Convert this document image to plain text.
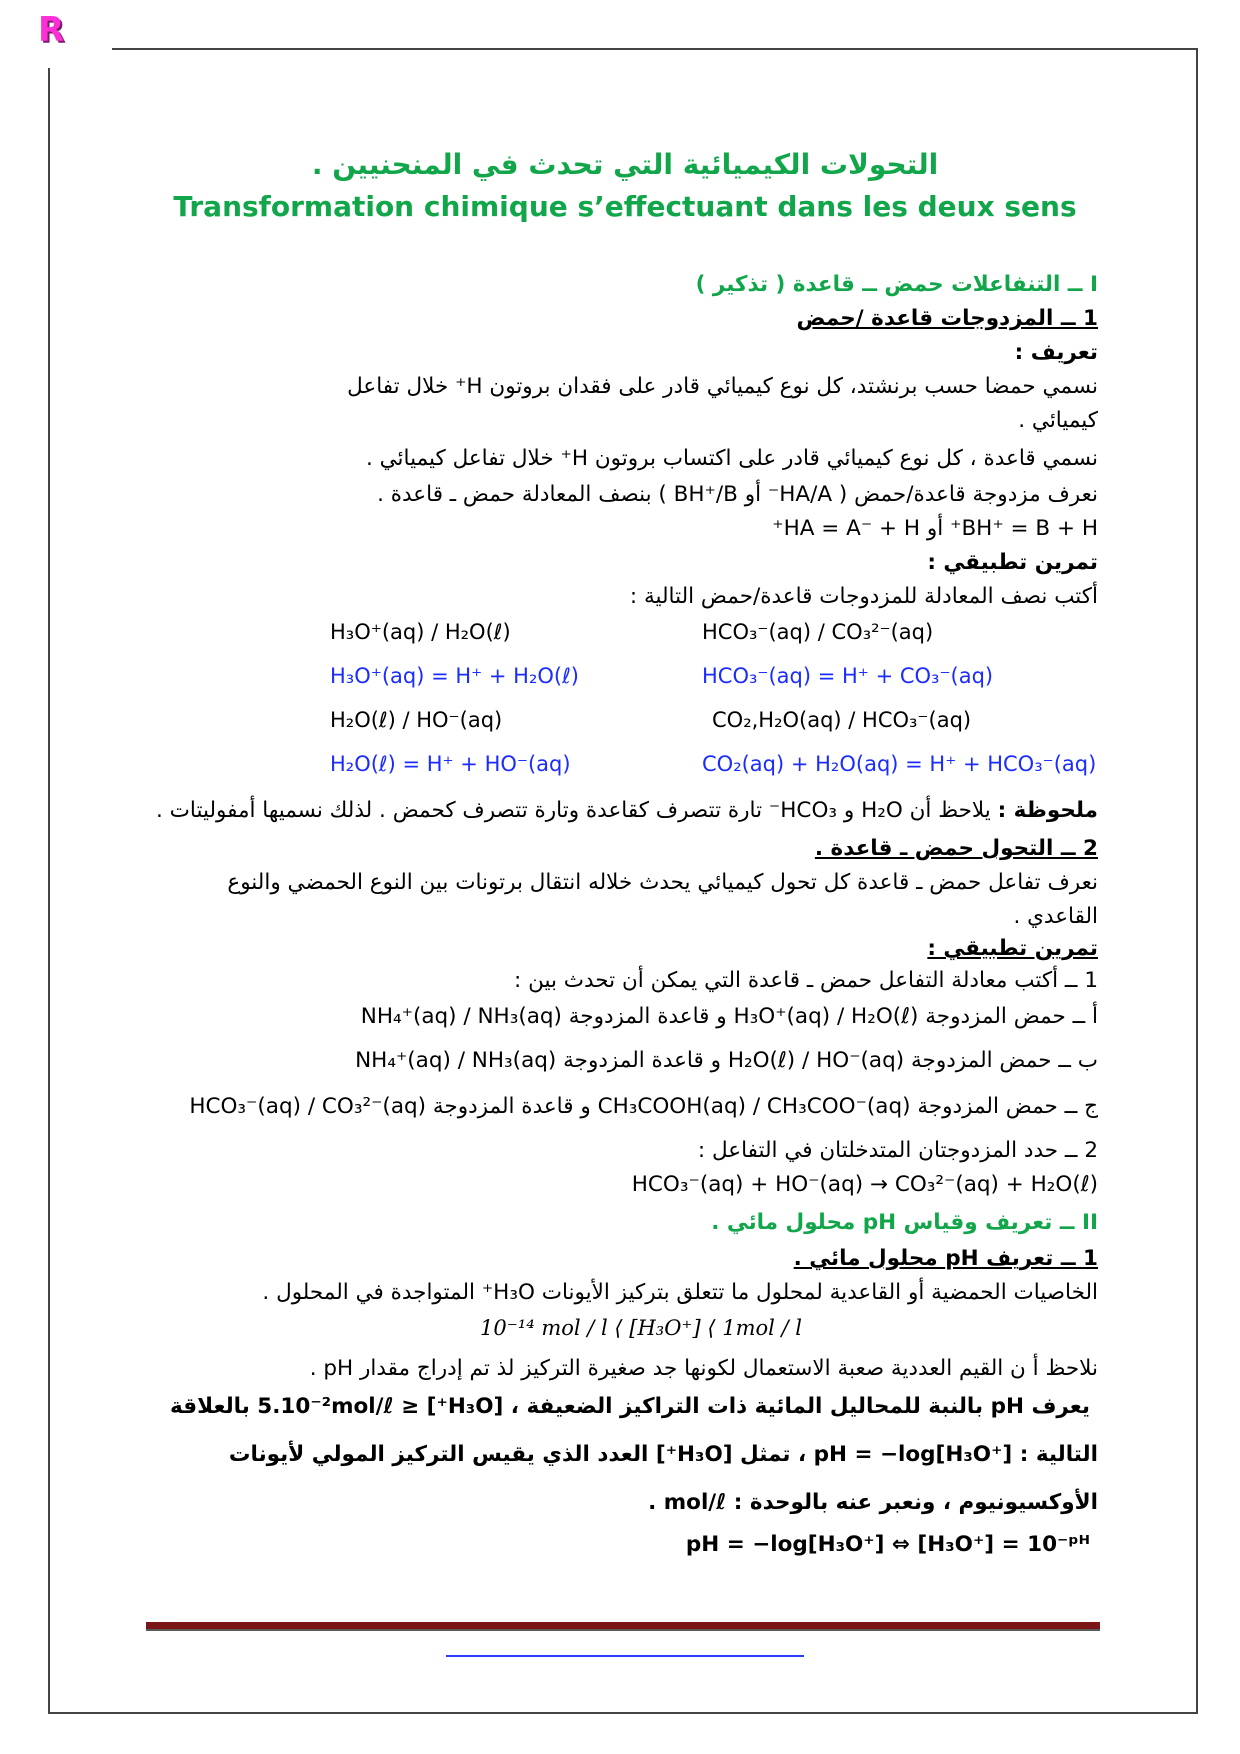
R
التحولات الكيميائية التي تحدث في المنحنيين .
Transformation chimique s’effectuant dans les deux sens
I ــ التنفاعلات حمض ــ قاعدة ( تذكير )
1 ــ المزدوجات قاعدة /حمض
تعريف :
نسمي حمضا حسب برنشتد، كل نوع كيميائي قادر على فقدان بروتون H⁺ خلال تفاعل
كيميائي .
نسمي قاعدة ، كل نوع كيميائي قادر على اكتساب بروتون H⁺ خلال تفاعل كيميائي .
نعرف مزدوجة قاعدة/حمض ( HA/A⁻ أو BH⁺/B ) بنصف المعادلة حمض ـ قاعدة .
BH⁺ = B + H⁺ أو HA = A⁻ + H⁺
تمرين تطبيقي :
أكتب نصف المعادلة للمزدوجات قاعدة/حمض التالية :
H₃O⁺(aq) / H₂O(ℓ)	HCO₃⁻(aq) / CO₃²⁻(aq)
H₃O⁺(aq) = H⁺ + H₂O(ℓ)	HCO₃⁻(aq) = H⁺ + CO₃⁻(aq)
H₂O(ℓ) / HO⁻(aq)	CO₂,H₂O(aq) / HCO₃⁻(aq)
H₂O(ℓ) = H⁺ + HO⁻(aq)	CO₂(aq) + H₂O(aq) = H⁺ + HCO₃⁻(aq)
ملحوظة : يلاحظ أن H₂O و HCO₃⁻ تارة تتصرف كقاعدة وتارة تتصرف كحمض . لذلك نسميها أمفوليتات .
2 ــ التحول حمض ـ قاعدة .
نعرف تفاعل حمض ـ قاعدة كل تحول كيميائي يحدث خلاله انتقال برتونات بين النوع الحمضي والنوع
القاعدي .
تمرين تطبيقي :
1 ــ أكتب معادلة التفاعل حمض ـ قاعدة التي يمكن أن تحدث بين :
أ ــ حمض المزدوجة H₃O⁺(aq) / H₂O(ℓ) و قاعدة المزدوجة NH₄⁺(aq) / NH₃(aq)
ب ــ حمض المزدوجة H₂O(ℓ) / HO⁻(aq) و قاعدة المزدوجة NH₄⁺(aq) / NH₃(aq)
ج ــ حمض المزدوجة CH₃COOH(aq) / CH₃COO⁻(aq) و قاعدة المزدوجة HCO₃⁻(aq) / CO₃²⁻(aq)
2 ــ حدد المزدوجتان المتدخلتان في التفاعل :
HCO₃⁻(aq) + HO⁻(aq) → CO₃²⁻(aq) + H₂O(ℓ)
II ــ تعريف وقياس pH محلول مائي .
1 ــ تعريف pH محلول مائي .
الخاصيات الحمضية أو القاعدية لمحلول ما تتعلق بتركيز الأيونات H₃O⁺ المتواجدة في المحلول .
10⁻¹⁴ mol / l ⟨ [H₃O⁺] ⟨ 1mol / l
نلاحظ أ ن القيم العددية صعبة الاستعمال لكونها جد صغيرة التركيز لذ تم إدراج مقدار pH .
يعرف pH بالنبة للمحاليل المائية ذات التراكيز الضعيفة ، [H₃O⁺] ≤ 5.10⁻²mol/ℓ بالعلاقة
التالية : pH = −log[H₃O⁺] ، تمثل [H₃O⁺] العدد الذي يقيس التركيز المولي لأيونات
الأوكسيونيوم ، ونعبر عنه بالوحدة : mol/ℓ .
pH = −log[H₃O⁺] ⇔ [H₃O⁺] = 10⁻ᵖᴴ
